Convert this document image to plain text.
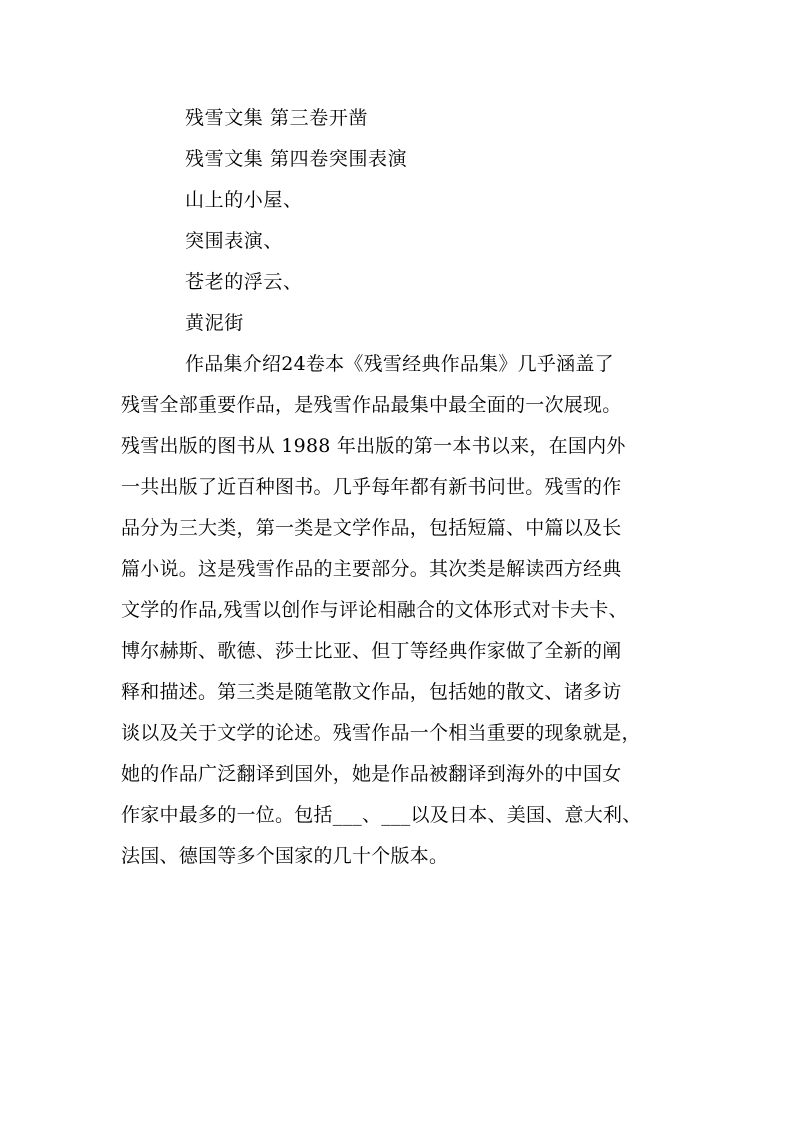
残雪文集 第三卷开凿
残雪文集 第四卷突围表演
山上的小屋、
突围表演、
苍老的浮云、
黄泥街
作品集介绍24卷本《残雪经典作品集》几乎涵盖了
残雪全部重要作品，是残雪作品最集中最全面的一次展现。
残雪出版的图书从 1988 年出版的第一本书以来，在国内外
一共出版了近百种图书。几乎每年都有新书问世。残雪的作
品分为三大类，第一类是文学作品，包括短篇、中篇以及长
篇小说。这是残雪作品的主要部分。其次类是解读西方经典
文学的作品,残雪以创作与评论相融合的文体形式对卡夫卡、
博尔赫斯、歌德、莎士比亚、但丁等经典作家做了全新的阐
释和描述。第三类是随笔散文作品，包括她的散文、诸多访
谈以及关于文学的论述。残雪作品一个相当重要的现象就是，
她的作品广泛翻译到国外，她是作品被翻译到海外的中国女
作家中最多的一位。包括___、___以及日本、美国、意大利、
法国、德国等多个国家的几十个版本。
